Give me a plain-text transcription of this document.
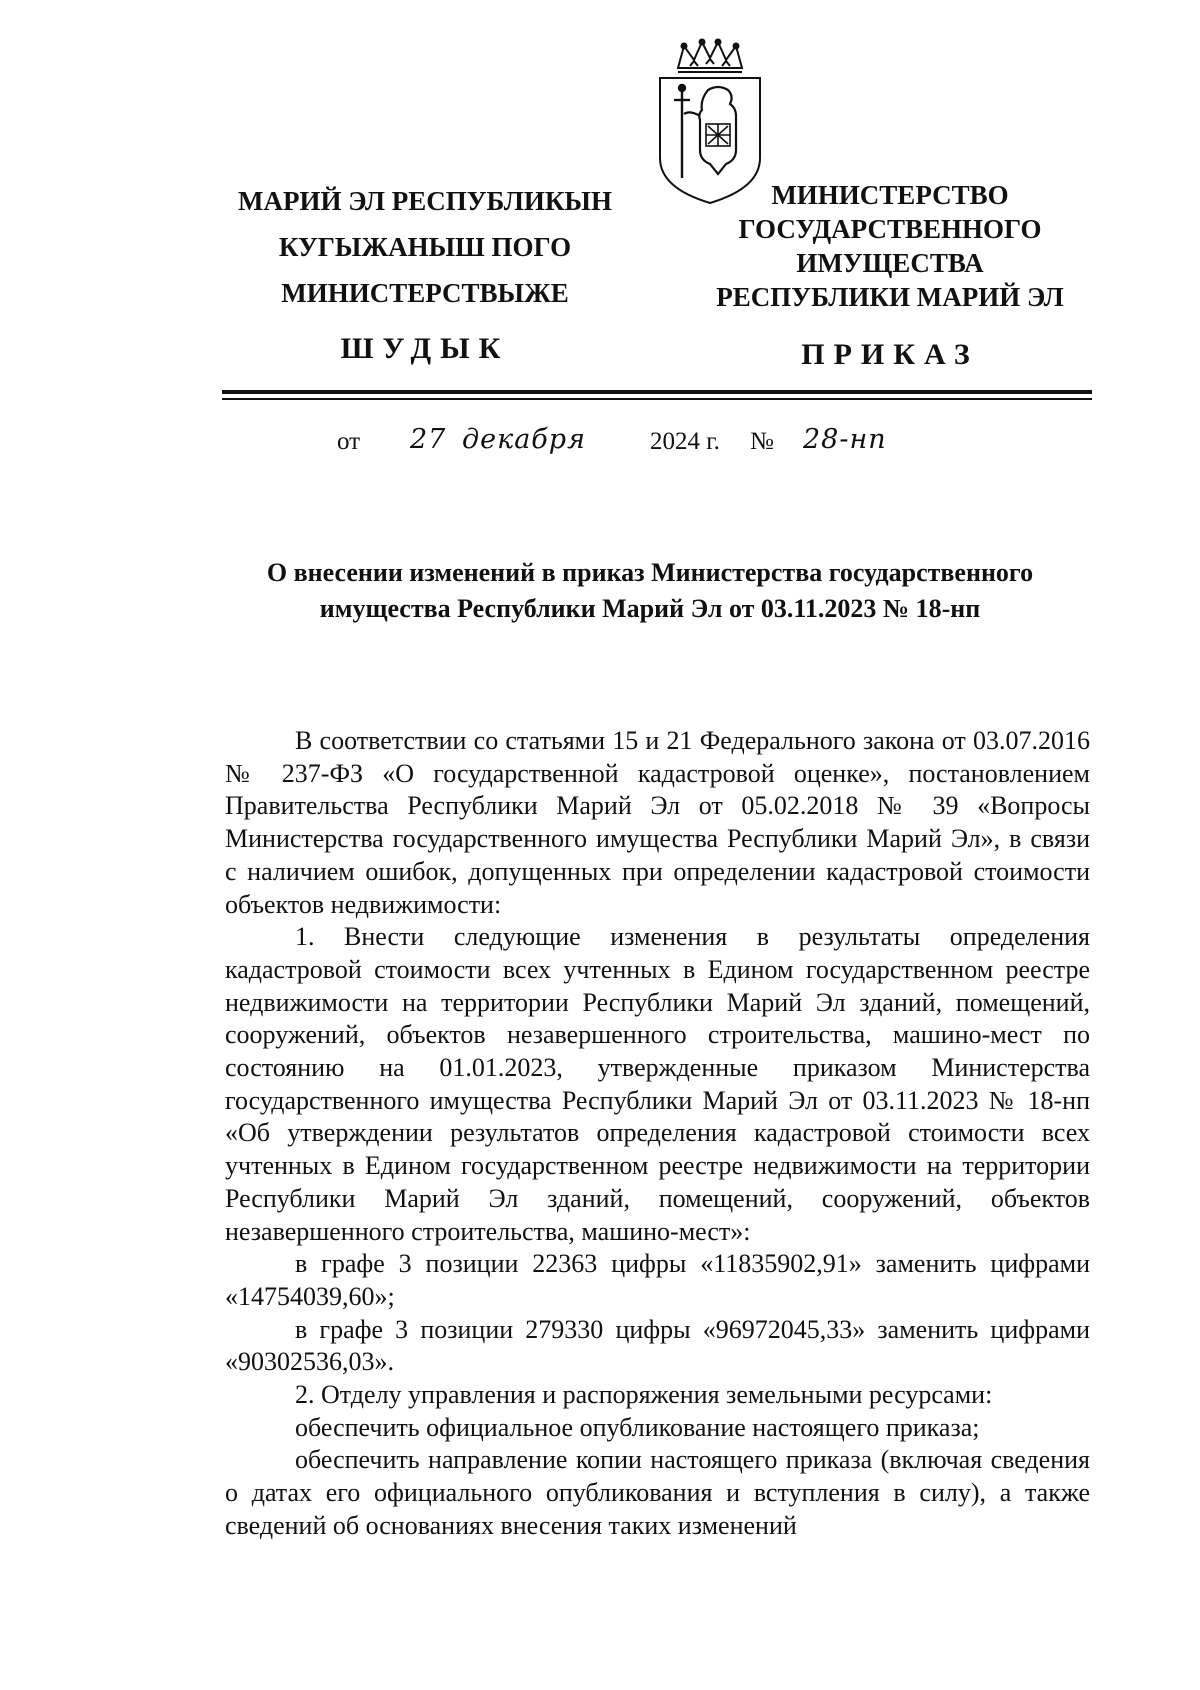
МАРИЙ ЭЛ РЕСПУБЛИКЫН
КУГЫЖАНЫШ ПОГО
МИНИСТЕРСТВЫЖЕ
ШУДЫК
МИНИСТЕРСТВО
ГОСУДАРСТВЕННОГО
ИМУЩЕСТВА
РЕСПУБЛИКИ МАРИЙ ЭЛ
ПРИКАЗ
от 27 декабря	2024 г. № 28-нп
О внесении изменений в приказ Министерства государственного
имущества Республики Марий Эл от 03.11.2023 № 18-нп

В соответствии со статьями 15 и 21 Федерального закона от 03.07.2016 № 237-ФЗ «О государственной кадастровой оценке», постановлением Правительства Республики Марий Эл от 05.02.2018 № 39 «Вопросы Министерства государственного имущества Республики Марий Эл», в связи с наличием ошибок, допущенных при определении кадастровой стоимости объектов недвижимости:

1. Внести следующие изменения в результаты определения кадастровой стоимости всех учтенных в Едином государственном реестре недвижимости на территории Республики Марий Эл зданий, помещений, сооружений, объектов незавершенного строительства, машино-мест по состоянию на 01.01.2023, утвержденные приказом Министерства государственного имущества Республики Марий Эл от 03.11.2023 № 18-нп «Об утверждении результатов определения кадастровой стоимости всех учтенных в Едином государственном реестре недвижимости на территории Республики Марий Эл зданий, помещений, сооружений, объектов незавершенного строительства, машино-мест»:

в графе 3 позиции 22363 цифры «11835902,91» заменить цифрами «14754039,60»;

в графе 3 позиции 279330 цифры «96972045,33» заменить цифрами «90302536,03».

2. Отделу управления и распоряжения земельными ресурсами:

обеспечить официальное опубликование настоящего приказа;

обеспечить направление копии настоящего приказа (включая сведения о датах его официального опубликования и вступления в силу), а также сведений об основаниях внесения таких изменений
